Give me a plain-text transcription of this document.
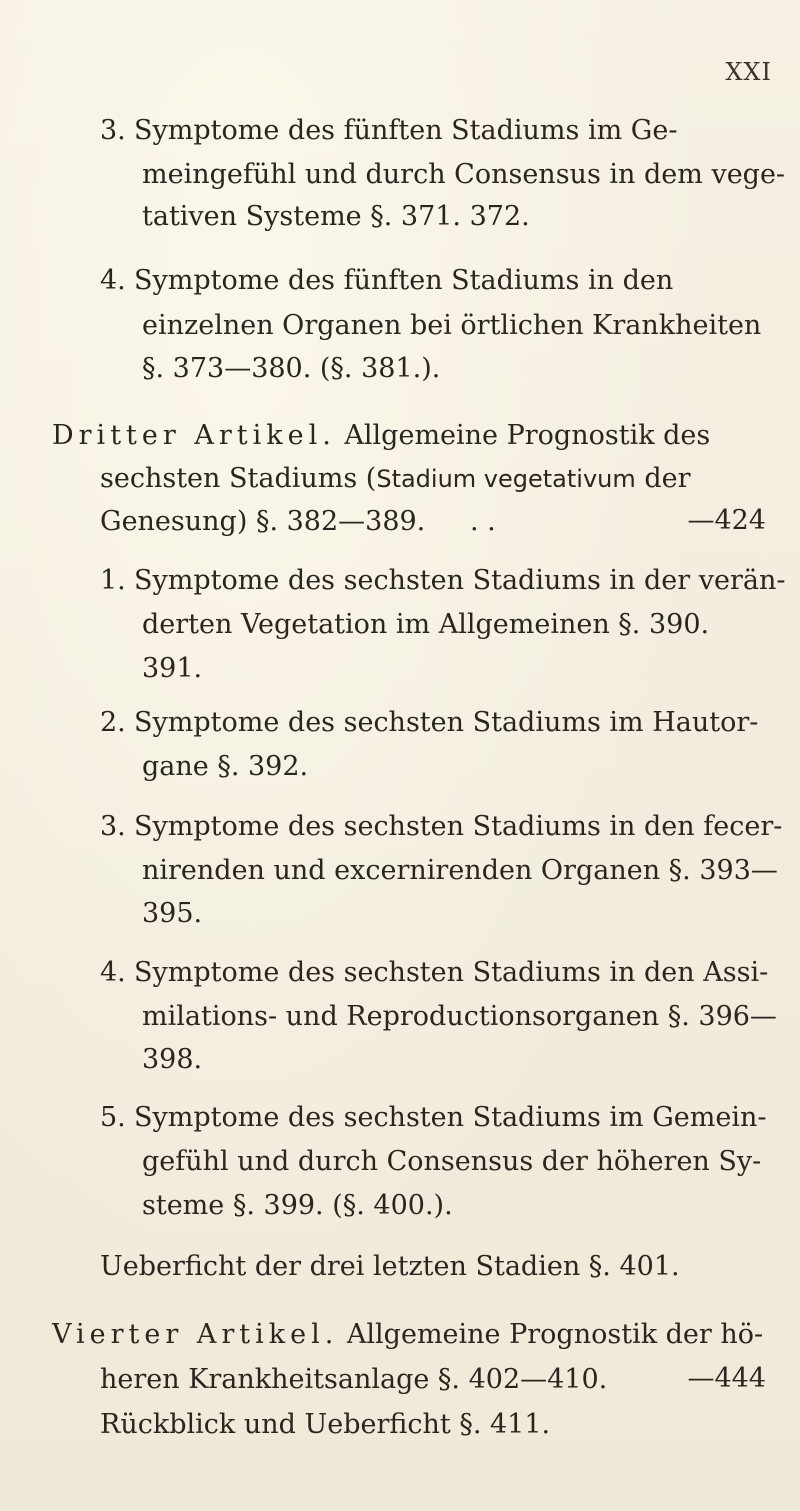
XXI
3. Symptome des fünften Stadiums im Ge-
meingefühl und durch Consensus in dem vege-
tativen Systeme §. 371. 372.
4. Symptome des fünften Stadiums in den
einzelnen Organen bei örtlichen Krankheiten
§. 373—380. (§. 381.).
Dritter Artikel. Allgemeine Prognostik des
sechsten Stadiums (Stadium vegetativum der
Genesung) §. 382—389. . .	—424
1. Symptome des sechsten Stadiums in der verän-
derten Vegetation im Allgemeinen §. 390.
391.
2. Symptome des sechsten Stadiums im Hautor-
gane §. 392.
3. Symptome des sechsten Stadiums in den fecer-
nirenden und excernirenden Organen §. 393—
395.
4. Symptome des sechsten Stadiums in den Assi-
milations- und Reproductionsorganen §. 396—
398.
5. Symptome des sechsten Stadiums im Gemein-
gefühl und durch Consensus der höheren Sy-
steme §. 399. (§. 400.).
Ueberficht der drei letzten Stadien §. 401.
Vierter Artikel. Allgemeine Prognostik der hö-
heren Krankheitsanlage §. 402—410.	—444
Rückblick und Ueberficht §. 411.
